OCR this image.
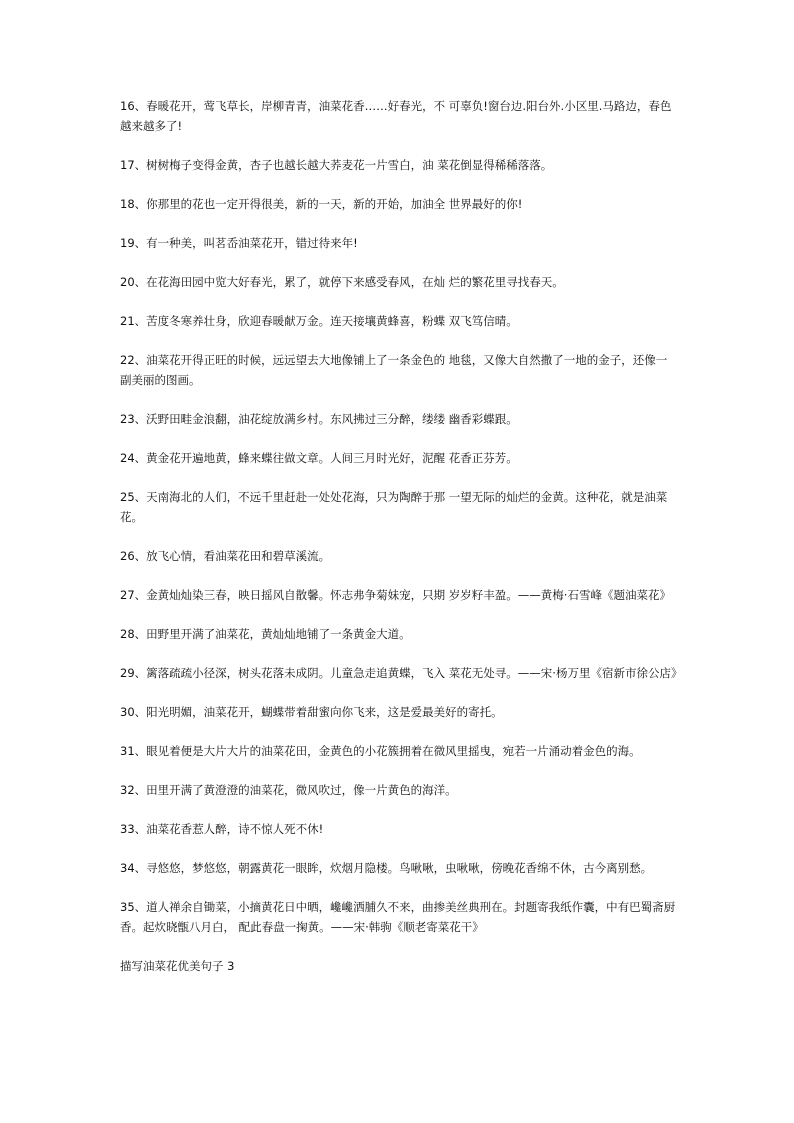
16、春暖花开，莺飞草长，岸柳青青，油菜花香……好春光，不 可辜负!窗台边.阳台外.小区里.马路边，春色越来越多了!

17、树树梅子变得金黄，杏子也越长越大荞麦花一片雪白，油 菜花倒显得稀稀落落。

18、你那里的花也一定开得很美，新的一天，新的开始，加油全 世界最好的你!

19、有一种美，叫茗岙油菜花开，错过待来年!

20、在花海田园中览大好春光，累了，就停下来感受春风，在灿 烂的繁花里寻找春天。

21、苦度冬寒养壮身，欣迎春暖献万金。连天接壤黄蜂喜，粉蝶 双飞笃信晴。

22、油菜花开得正旺的时候，远远望去大地像铺上了一条金色的 地毯，又像大自然撒了一地的金子，还像一副美丽的图画。

23、沃野田畦金浪翻，油花绽放满乡村。东风拂过三分醉，缕缕 幽香彩蝶跟。

24、黄金花开遍地黄，蜂来蝶往做文章。人间三月时光好，泥醒 花香正芬芳。

25、天南海北的人们，不远千里赶赴一处处花海，只为陶醉于那 一望无际的灿烂的金黄。这种花，就是油菜花。

26、放飞心情，看油菜花田和碧草溪流。

27、金黄灿灿染三春，映日摇风自散馨。怀志弗争菊妹宠，只期 岁岁籽丰盈。——黄梅·石雪峰《题油菜花》

28、田野里开满了油菜花，黄灿灿地铺了一条黄金大道。

29、篱落疏疏小径深，树头花落未成阴。儿童急走追黄蝶，飞入 菜花无处寻。——宋·杨万里《宿新市徐公店》

30、阳光明媚，油菜花开，蝴蝶带着甜蜜向你飞来，这是爱最美好的寄托。

31、眼见着便是大片大片的油菜花田，金黄色的小花簇拥着在微风里摇曳，宛若一片涌动着金色的海。

32、田里开满了黄澄澄的油菜花，微风吹过，像一片黄色的海洋。

33、油菜花香惹人醉，诗不惊人死不休!

34、寻悠悠，梦悠悠，朝露黄花一眼眸，炊烟月隐楼。鸟啾啾，虫啾啾，傍晚花香绵不休，古今离别愁。

35、道人禅余自锄菜，小摘黄花日中晒，巉巉洒脯久不来，曲掺美丝典刑在。封题寄我纸作囊，中有巴蜀斋厨香。起炊晓甑八月白， 配此春盘一掬黄。——宋·韩驹《顺老寄菜花干》

描写油菜花优美句子 3
